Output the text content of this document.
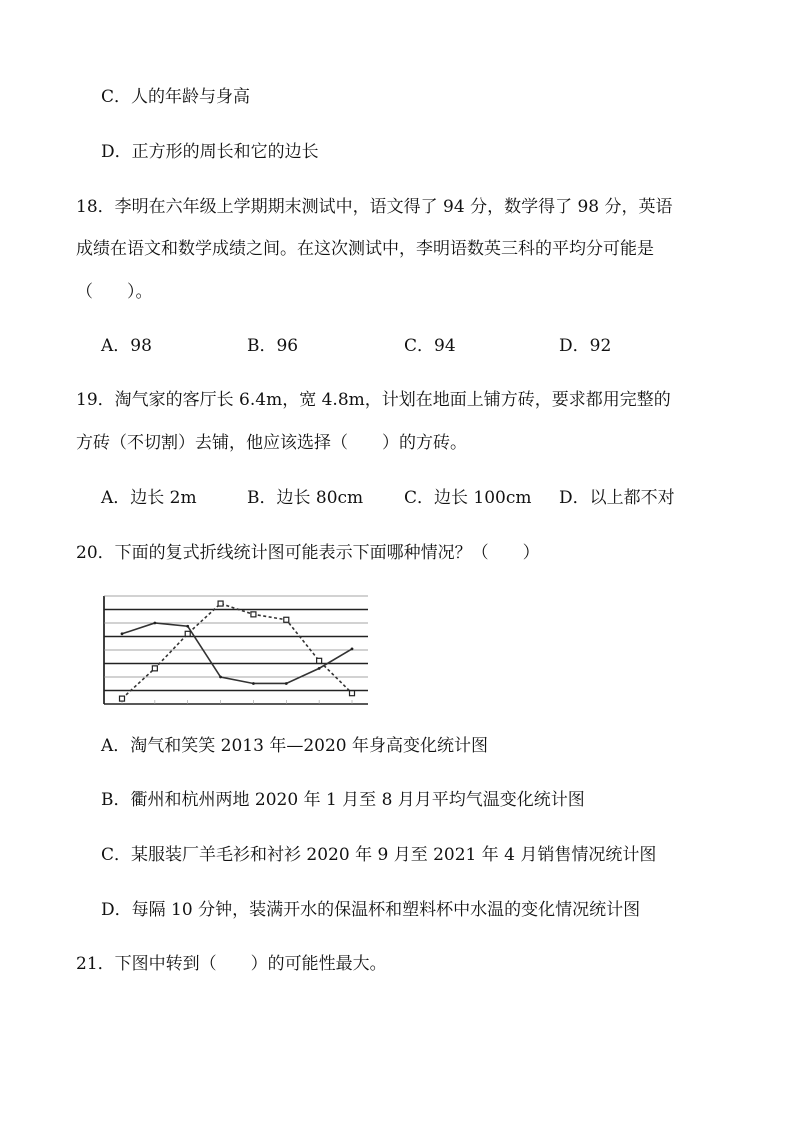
C．人的年龄与身高
D．正方形的周长和它的边长
18．李明在六年级上学期期末测试中，语文得了 94 分，数学得了 98 分，英语
成绩在语文和数学成绩之间。在这次测试中，李明语数英三科的平均分可能是
（　　）。
A．98	B．96	C．94	D．92
19．淘气家的客厅长 6.4m，宽 4.8m，计划在地面上铺方砖，要求都用完整的
方砖（不切割）去铺，他应该选择（　　）的方砖。
A．边长 2m	B．边长 80cm C．边长 100cm D．以上都不对
20．下面的复式折线统计图可能表示下面哪种情况？（　　）
A．淘气和笑笑 2013 年—2020 年身高变化统计图
B．衢州和杭州两地 2020 年 1 月至 8 月月平均气温变化统计图
C．某服装厂羊毛衫和衬衫 2020 年 9 月至 2021 年 4 月销售情况统计图
D．每隔 10 分钟，装满开水的保温杯和塑料杯中水温的变化情况统计图
21．下图中转到（　　）的可能性最大。
